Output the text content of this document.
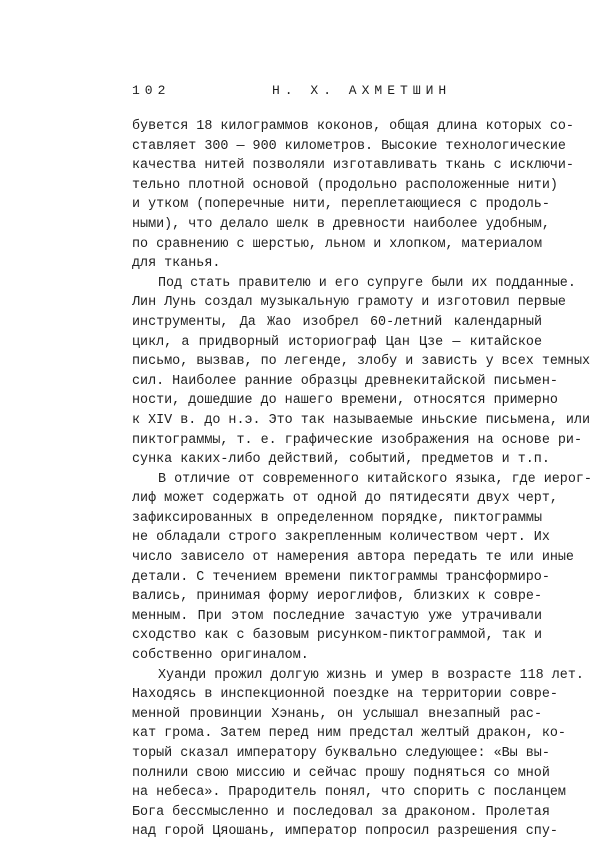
102	Н. Х. АХМЕТШИН
бувется 18 килограммов коконов, общая длина которых со-
ставляет 300 — 900 километров. Высокие технологические
качества нитей позволяли изготавливать ткань с исключи-
тельно плотной основой (продольно расположенные нити)
и утком (поперечные нити, переплетающиеся с продоль-
ными), что делало шелк в древности наиболее удобным,
по сравнению с шерстью, льном и хлопком, материалом
для тканья.
Под стать правителю и его супруге были их подданные.
Лин Лунь создал музыкальную грамоту и изготовил первые
инструменты, Да Жао изобрел 60-летний календарный
цикл, а придворный историограф Цан Цзе — китайское
письмо, вызвав, по легенде, злобу и зависть у всех темных
сил. Наиболее ранние образцы древнекитайской письмен-
ности, дошедшие до нашего времени, относятся примерно
к XIV в. до н.э. Это так называемые иньские письмена, или
пиктограммы, т. е. графические изображения на основе ри-
сунка каких-либо действий, событий, предметов и т.п.
В отличие от современного китайского языка, где иерог-
лиф может содержать от одной до пятидесяти двух черт,
зафиксированных в определенном порядке, пиктограммы
не обладали строго закрепленным количеством черт. Их
число зависело от намерения автора передать те или иные
детали. С течением времени пиктограммы трансформиро-
вались, принимая форму иероглифов, близких к совре-
менным. При этом последние зачастую уже утрачивали
сходство как с базовым рисунком-пиктограммой, так и
собственно оригиналом.
Хуанди прожил долгую жизнь и умер в возрасте 118 лет.
Находясь в инспекционной поездке на территории совре-
менной провинции Хэнань, он услышал внезапный рас-
кат грома. Затем перед ним предстал желтый дракон, ко-
торый сказал императору буквально следующее: «Вы вы-
полнили свою миссию и сейчас прошу подняться со мной
на небеса». Прародитель понял, что спорить с посланцем
Бога бессмысленно и последовал за драконом. Пролетая
над горой Цяошань, император попросил разрешения спу-
